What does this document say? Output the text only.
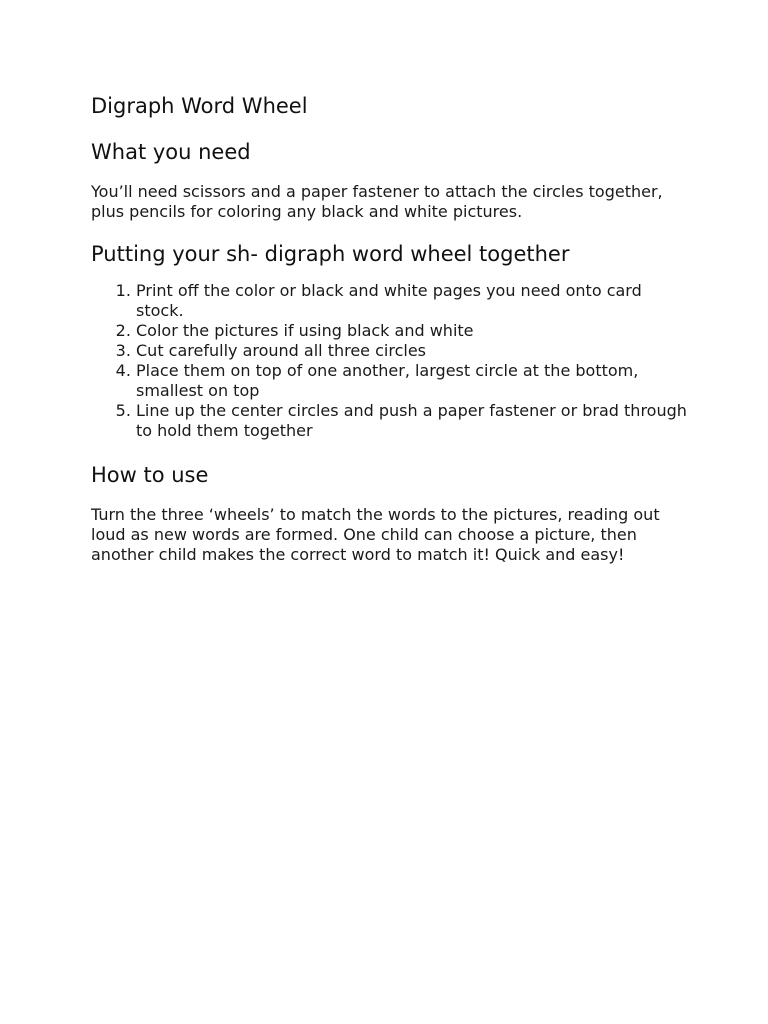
Digraph Word Wheel
What you need

You’ll need scissors and a paper fastener to attach the circles together, plus pencils for coloring any black and white pictures.

Putting your sh- digraph word wheel together
1. Print off the color or black and white pages you need onto card stock.
2. Color the pictures if using black and white
3. Cut carefully around all three circles
4. Place them on top of one another, largest circle at the bottom, smallest on top
5. Line up the center circles and push a paper fastener or brad through to hold them together
How to use

Turn the three ‘wheels’ to match the words to the pictures, reading out loud as new words are formed. One child can choose a picture, then another child makes the correct word to match it! Quick and easy!
